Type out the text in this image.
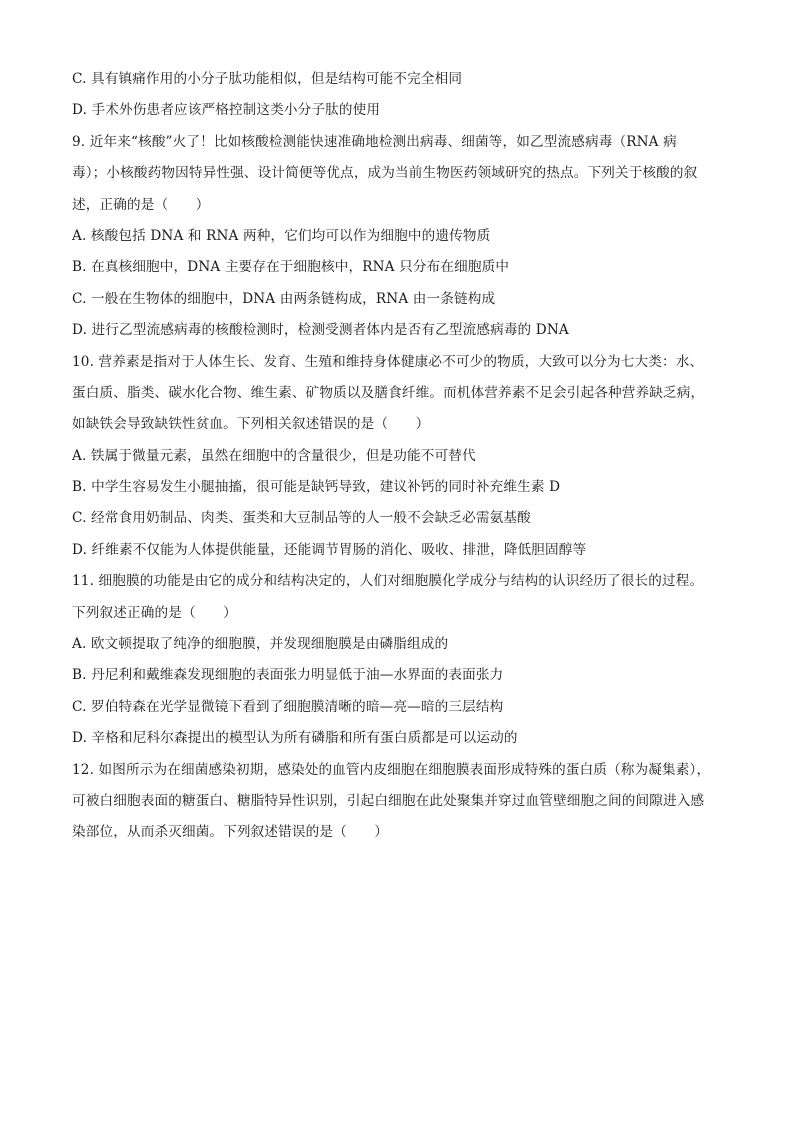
C. 具有镇痛作用的小分子肽功能相似，但是结构可能不完全相同
D. 手术外伤患者应该严格控制这类小分子肽的使用
9. 近年来“核酸”火了！比如核酸检测能快速准确地检测出病毒、细菌等，如乙型流感病毒（RNA 病
毒）；小核酸药物因特异性强、设计简便等优点，成为当前生物医药领域研究的热点。下列关于核酸的叙
述，正确的是（　　）
A. 核酸包括 DNA 和 RNA 两种，它们均可以作为细胞中的遗传物质
B. 在真核细胞中，DNA 主要存在于细胞核中，RNA 只分布在细胞质中
C. 一般在生物体的细胞中，DNA 由两条链构成，RNA 由一条链构成
D. 进行乙型流感病毒的核酸检测时，检测受测者体内是否有乙型流感病毒的 DNA
10. 营养素是指对于人体生长、发育、生殖和维持身体健康必不可少的物质，大致可以分为七大类：水、
蛋白质、脂类、碳水化合物、维生素、矿物质以及膳食纤维。而机体营养素不足会引起各种营养缺乏病，
如缺铁会导致缺铁性贫血。下列相关叙述错误的是（　　）
A. 铁属于微量元素，虽然在细胞中的含量很少，但是功能不可替代
B. 中学生容易发生小腿抽搐，很可能是缺钙导致，建议补钙的同时补充维生素 D
C. 经常食用奶制品、肉类、蛋类和大豆制品等的人一般不会缺乏必需氨基酸
D. 纤维素不仅能为人体提供能量，还能调节胃肠的消化、吸收、排泄，降低胆固醇等
11. 细胞膜的功能是由它的成分和结构决定的，人们对细胞膜化学成分与结构的认识经历了很长的过程。
下列叙述正确的是（　　）
A. 欧文顿提取了纯净的细胞膜，并发现细胞膜是由磷脂组成的
B. 丹尼利和戴维森发现细胞的表面张力明显低于油—水界面的表面张力
C. 罗伯特森在光学显微镜下看到了细胞膜清晰的暗—亮—暗的三层结构
D. 辛格和尼科尔森提出的模型认为所有磷脂和所有蛋白质都是可以运动的
12. 如图所示为在细菌感染初期，感染处的血管内皮细胞在细胞膜表面形成特殊的蛋白质（称为凝集素），
可被白细胞表面的糖蛋白、糖脂特异性识别，引起白细胞在此处聚集并穿过血管壁细胞之间的间隙进入感
染部位，从而杀灭细菌。下列叙述错误的是（　　）
